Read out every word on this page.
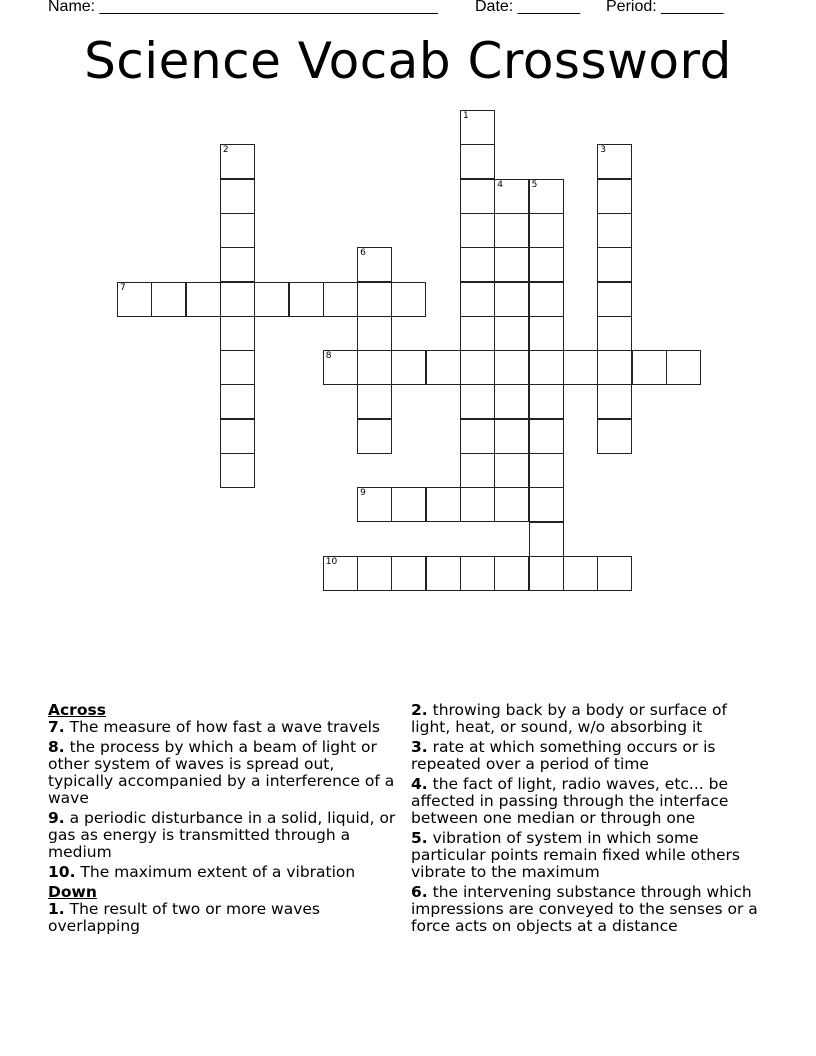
Name: ______________________________________ Date: _______ Period: _______
Science Vocab Crossword
1
2	3
4	5
6
7
8
9
10

Across

7. The measure of how fast a wave travels

8. the process by which a beam of light or other system of waves is spread out, typically accompanied by a interference of a wave

9. a periodic disturbance in a solid, liquid, or gas as energy is transmitted through a medium

10. The maximum extent of a vibration

Down

1. The result of two or more waves overlapping

2. throwing back by a body or surface of light, heat, or sound, w/o absorbing it

3. rate at which something occurs or is repeated over a period of time

4. the fact of light, radio waves, etc... be affected in passing through the interface between one median or through one

5. vibration of system in which some particular points remain fixed while others vibrate to the maximum

6. the intervening substance through which impressions are conveyed to the senses or a force acts on objects at a distance
